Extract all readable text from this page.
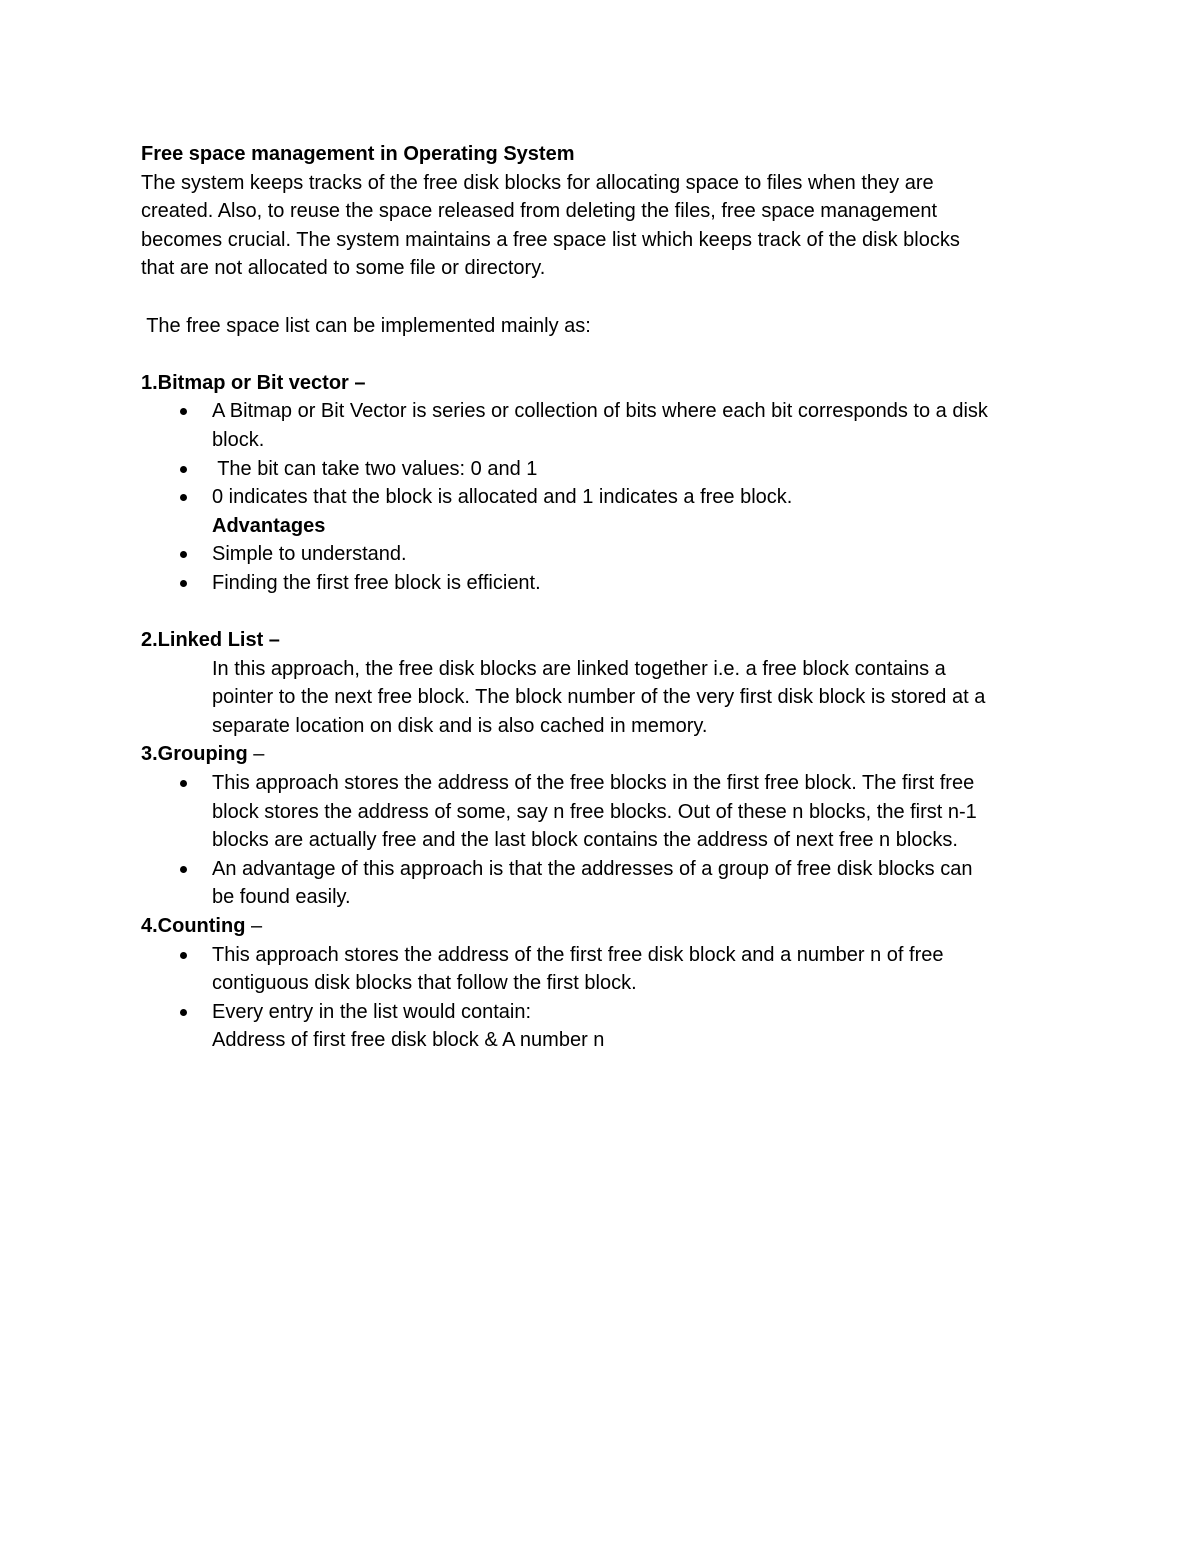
Free space management in Operating System
The system keeps tracks of the free disk blocks for allocating space to files when they are
created. Also, to reuse the space released from deleting the files, free space management
becomes crucial. The system maintains a free space list which keeps track of the disk blocks
that are not allocated to some file or directory.
The free space list can be implemented mainly as:
1.Bitmap or Bit vector –
A Bitmap or Bit Vector is series or collection of bits where each bit corresponds to a disk
block.
The bit can take two values: 0 and 1
0 indicates that the block is allocated and 1 indicates a free block.
Advantages
Simple to understand.
Finding the first free block is efficient.
2.Linked List –
In this approach, the free disk blocks are linked together i.e. a free block contains a
pointer to the next free block. The block number of the very first disk block is stored at a
separate location on disk and is also cached in memory.
3.Grouping –
This approach stores the address of the free blocks in the first free block. The first free
block stores the address of some, say n free blocks. Out of these n blocks, the first n-1
blocks are actually free and the last block contains the address of next free n blocks.
An advantage of this approach is that the addresses of a group of free disk blocks can
be found easily.
4.Counting –
This approach stores the address of the first free disk block and a number n of free
contiguous disk blocks that follow the first block.
Every entry in the list would contain:
Address of first free disk block & A number n
